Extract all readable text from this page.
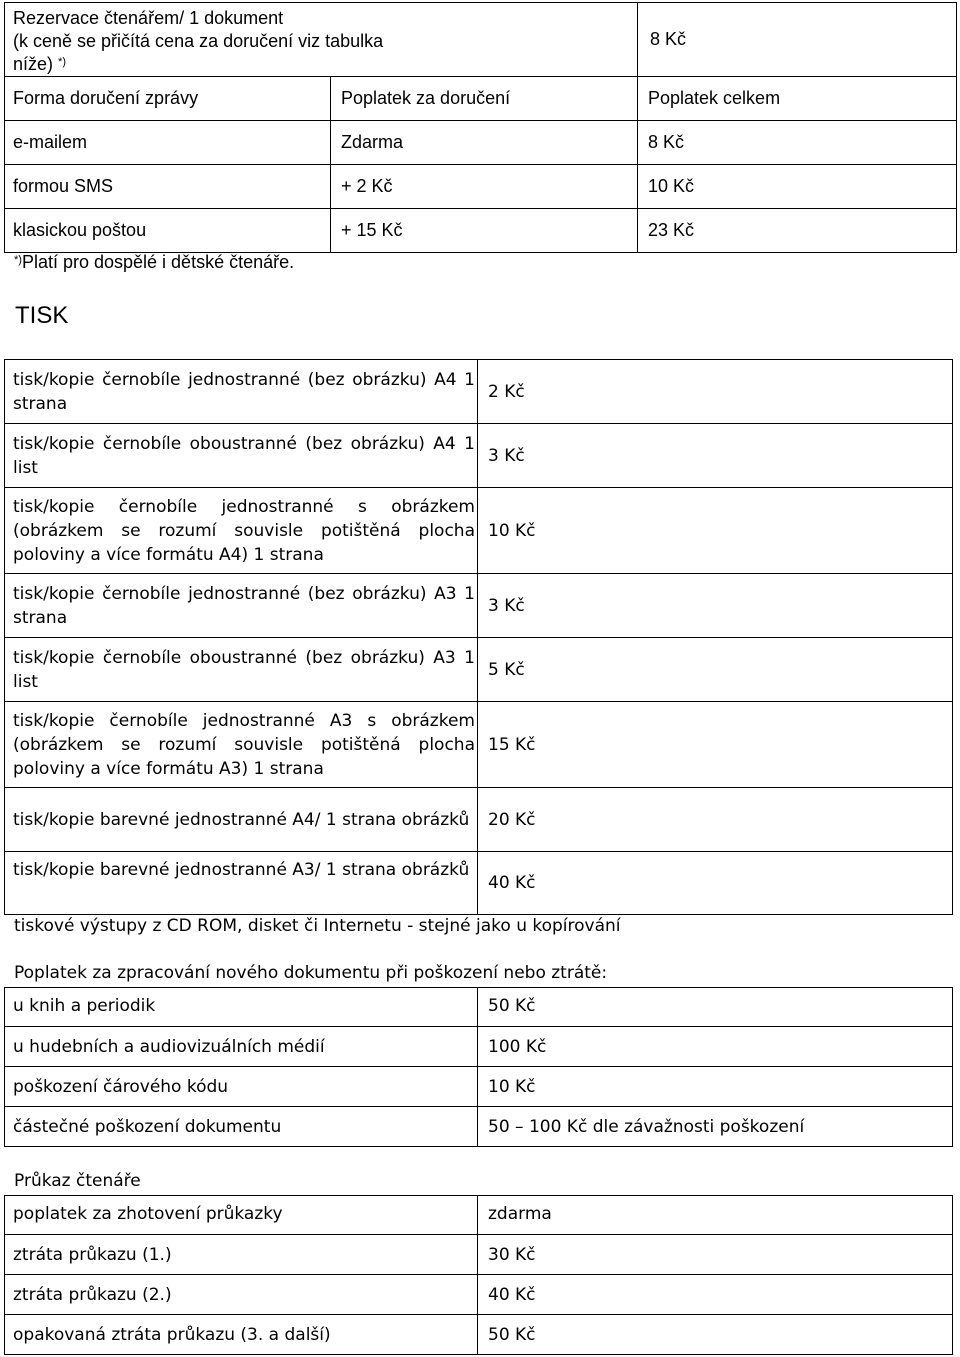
Rezervace čtenářem/ 1 dokument
(k ceně se přičítá cena za doručení viz tabulka
níže) *)		8 Kč
Forma doručení zprávy	Poplatek za doručení	Poplatek celkem
e-mailem	Zdarma	8 Kč
formou SMS	+ 2 Kč	10 Kč
klasickou poštou	+ 15 Kč	23 Kč
*)Platí pro dospělé i dětské čtenáře.
TISK
tisk/kopie černobíle jednostranné (bez obrázku) A4 1 strana	2 Kč
tisk/kopie černobíle oboustranné (bez obrázku) A4 1 list	3 Kč
tisk/kopie černobíle jednostranné s obrázkem (obrázkem se rozumí souvisle potištěná plocha poloviny a více formátu A4) 1 strana	10 Kč
tisk/kopie černobíle jednostranné (bez obrázku) A3 1 strana	3 Kč
tisk/kopie černobíle oboustranné (bez obrázku) A3 1 list	5 Kč
tisk/kopie černobíle jednostranné A3 s obrázkem (obrázkem se rozumí souvisle potištěná plocha poloviny a více formátu A3) 1 strana	15 Kč
tisk/kopie barevné jednostranné A4/ 1 strana obrázků	20 Kč
tisk/kopie barevné jednostranné A3/ 1 strana obrázků	40 Kč
tiskové výstupy z CD ROM, disket či Internetu - stejné jako u kopírování
Poplatek za zpracování nového dokumentu při poškození nebo ztrátě:
u knih a periodik	50 Kč
u hudebních a audiovizuálních médií	100 Kč
poškození čárového kódu	10 Kč
částečné poškození dokumentu	50 – 100 Kč dle závažnosti poškození
Průkaz čtenáře
poplatek za zhotovení průkazky	zdarma
ztráta průkazu (1.)	30 Kč
ztráta průkazu (2.)	40 Kč
opakovaná ztráta průkazu (3. a další)	50 Kč
